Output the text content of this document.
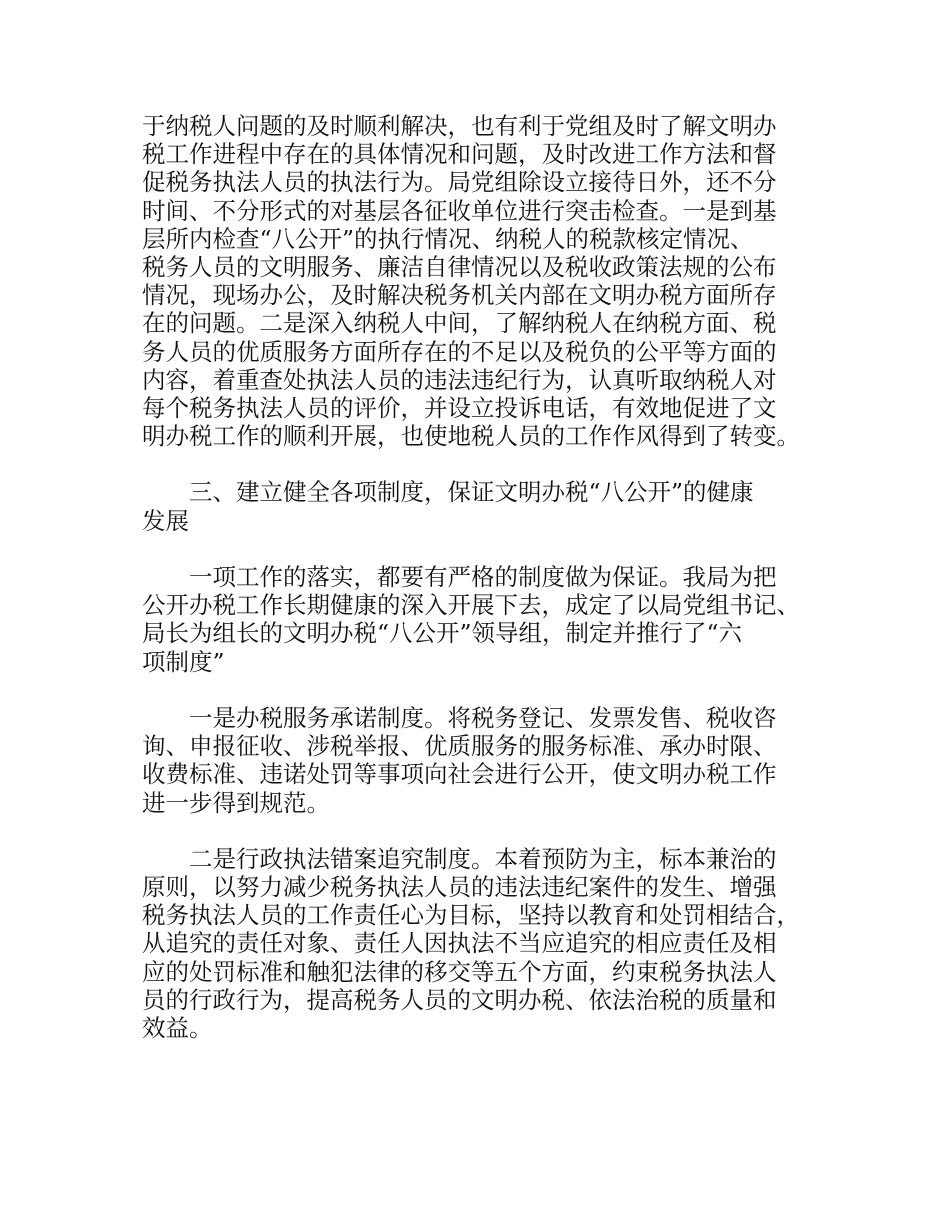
于纳税人问题的及时顺利解决，也有利于党组及时了解文明办
税工作进程中存在的具体情况和问题，及时改进工作方法和督
促税务执法人员的执法行为。局党组除设立接待日外，还不分
时间、不分形式的对基层各征收单位进行突击检查。一是到基
层所内检查“八公开”的执行情况、纳税人的税款核定情况、
税务人员的文明服务、廉洁自律情况以及税收政策法规的公布
情况，现场办公，及时解决税务机关内部在文明办税方面所存
在的问题。二是深入纳税人中间，了解纳税人在纳税方面、税
务人员的优质服务方面所存在的不足以及税负的公平等方面的
内容，着重查处执法人员的违法违纪行为，认真听取纳税人对
每个税务执法人员的评价，并设立投诉电话，有效地促进了文
明办税工作的顺利开展，也使地税人员的工作作风得到了转变。
三、建立健全各项制度，保证文明办税“八公开”的健康
发展
一项工作的落实，都要有严格的制度做为保证。我局为把
公开办税工作长期健康的深入开展下去，成定了以局党组书记、
局长为组长的文明办税“八公开”领导组，制定并推行了“六
项制度”
一是办税服务承诺制度。将税务登记、发票发售、税收咨
询、申报征收、涉税举报、优质服务的服务标准、承办时限、
收费标准、违诺处罚等事项向社会进行公开，使文明办税工作
进一步得到规范。
二是行政执法错案追究制度。本着预防为主，标本兼治的
原则，以努力减少税务执法人员的违法违纪案件的发生、增强
税务执法人员的工作责任心为目标，坚持以教育和处罚相结合，
从追究的责任对象、责任人因执法不当应追究的相应责任及相
应的处罚标准和触犯法律的移交等五个方面，约束税务执法人
员的行政行为，提高税务人员的文明办税、依法治税的质量和
效益。
